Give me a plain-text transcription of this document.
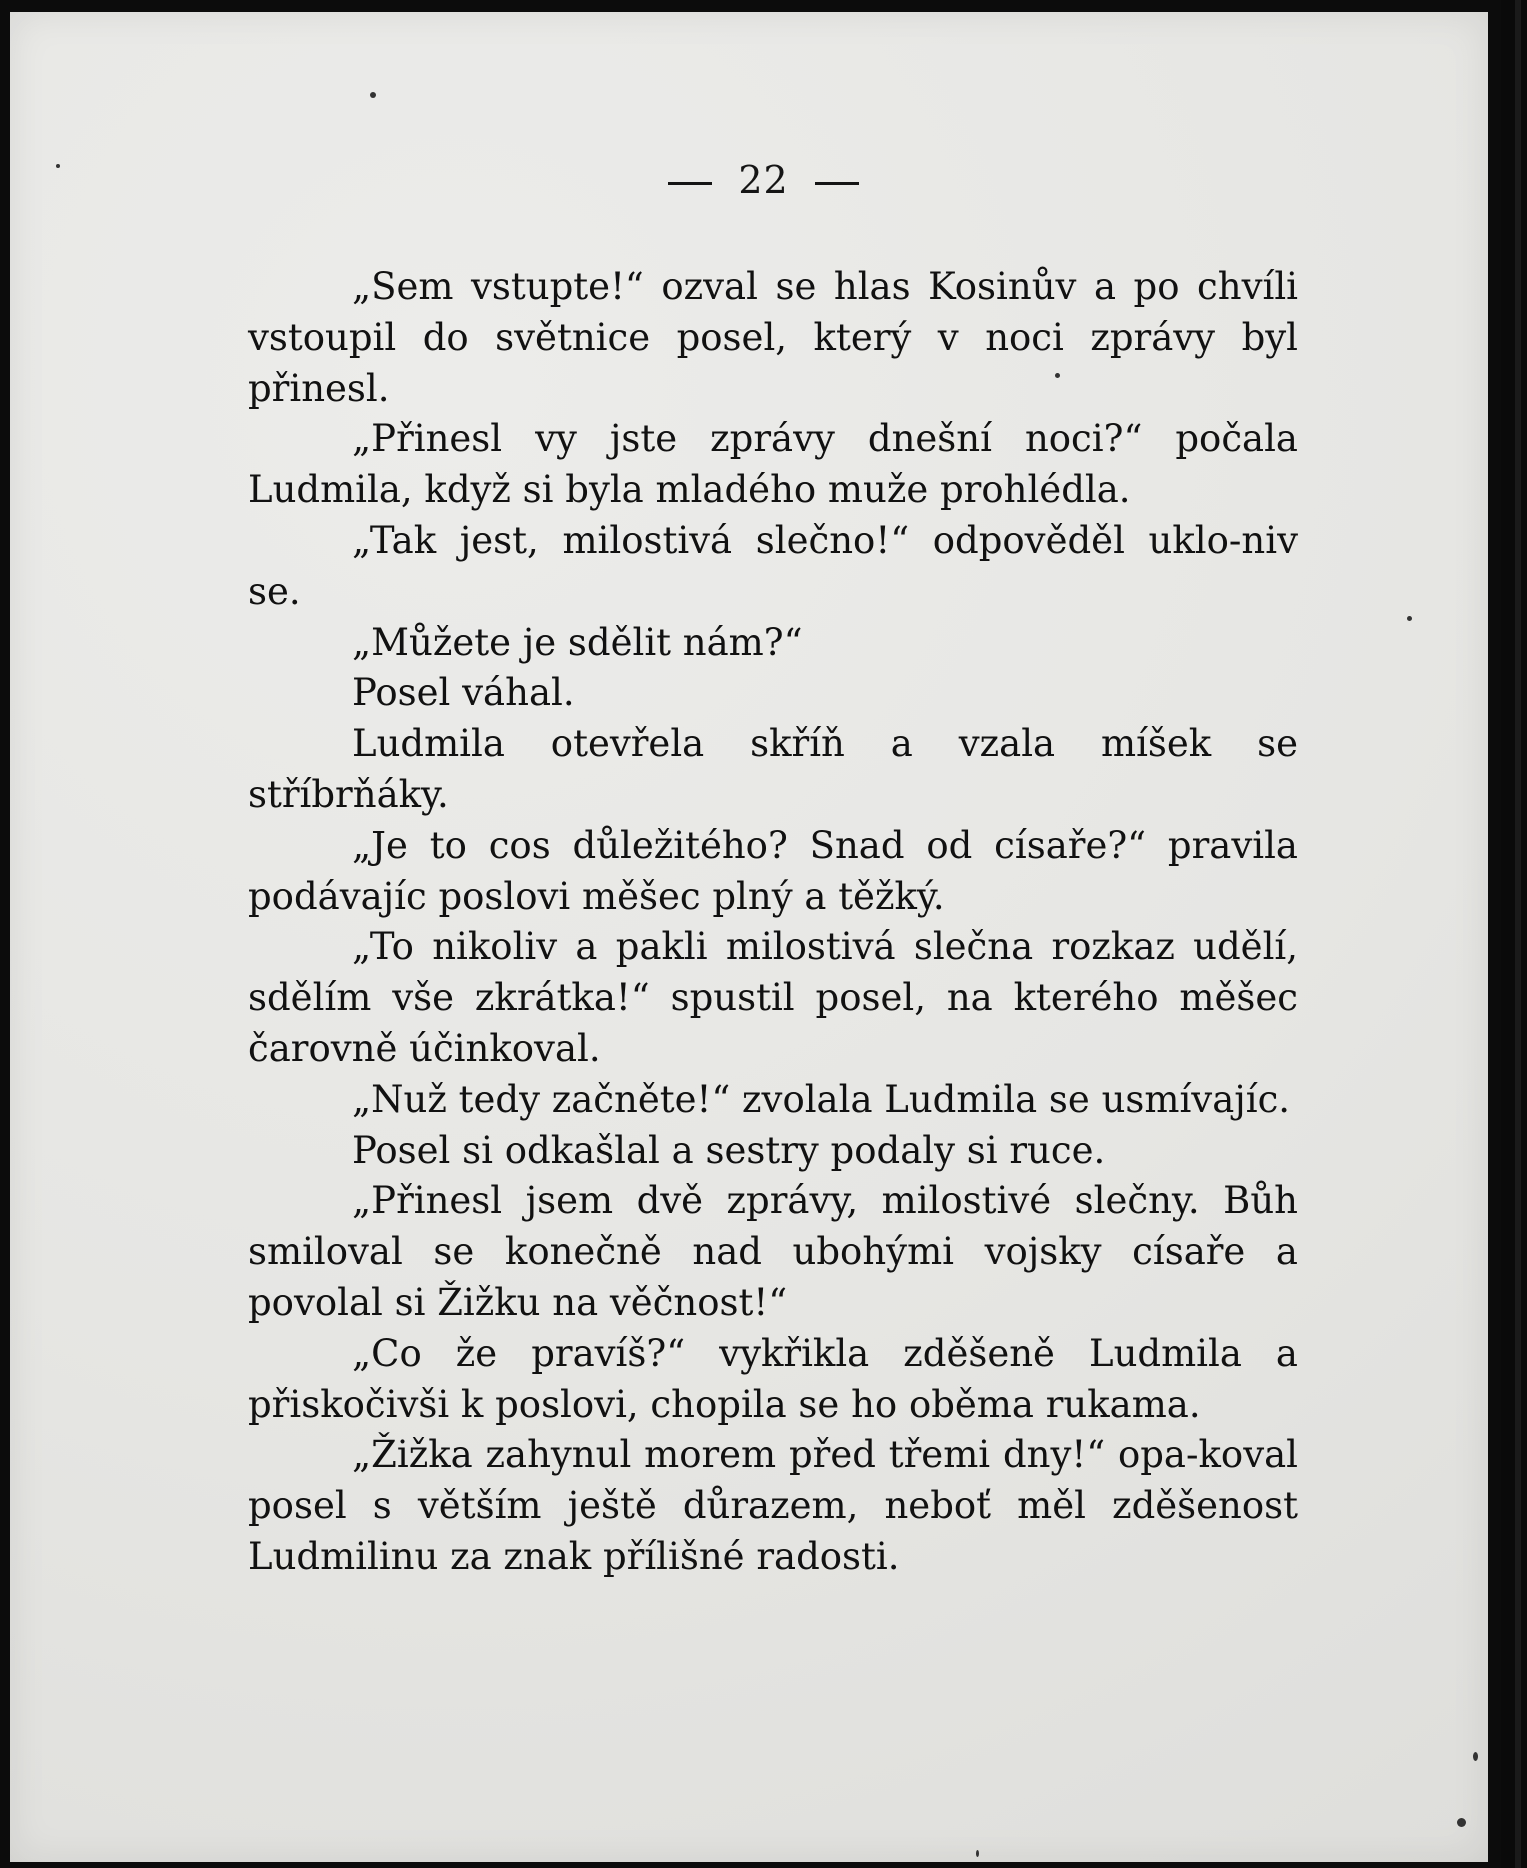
22

„Sem vstupte!“ ozval se hlas Kosinův a po chvíli vstoupil do světnice posel, který v noci zprávy byl přinesl.

„Přinesl vy jste zprávy dnešní noci?“ počala Ludmila, když si byla mladého muže prohlédla.

„Tak jest, milostivá slečno!“ odpověděl uklo-niv se.

„Můžete je sdělit nám?“

Posel váhal.

Ludmila otevřela skříň a vzala míšek se stříbrňáky.

„Je to cos důležitého? Snad od císaře?“ pravila podávajíc poslovi měšec plný a těžký.

„To nikoliv a pakli milostivá slečna rozkaz udělí, sdělím vše zkrátka!“ spustil posel, na kterého měšec čarovně účinkoval.

„Nuž tedy začněte!“ zvolala Ludmila se usmívajíc.

Posel si odkašlal a sestry podaly si ruce.

„Přinesl jsem dvě zprávy, milostivé slečny. Bůh smiloval se konečně nad ubohými vojsky císaře a povolal si Žižku na věčnost!“

„Co že pravíš?“ vykřikla zděšeně Ludmila a přiskočivši k poslovi, chopila se ho oběma rukama.

„Žižka zahynul morem před třemi dny!“ opa-koval posel s větším ještě důrazem, neboť měl zděšenost Ludmilinu za znak přílišné radosti.
